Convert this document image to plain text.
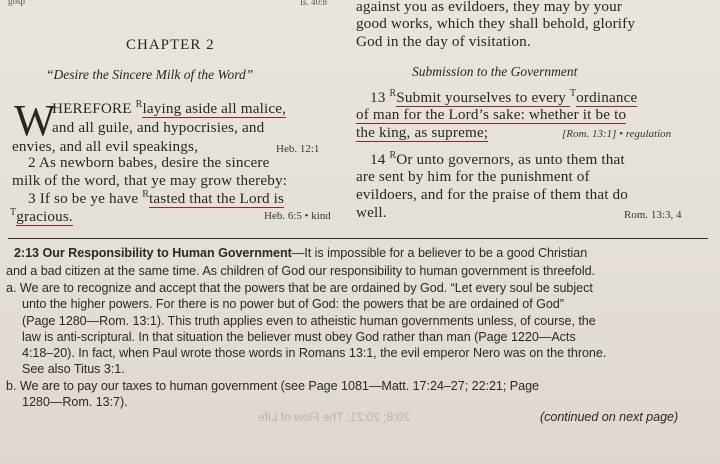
gosp	Is. 40:8
CHAPTER 2
“Desire the Sincere Milk of the Word”
W
HEREFORE $^R$laying aside all malice,
and all guile, and hypocrisies, and
envies, and all evil speakings,	Heb. 12:1
2 As newborn babes, desire the sincere
milk of the word, that ye may grow thereby:
3 If so be ye have $^R$tasted that the Lord is
$^T$gracious.	Heb. 6:5 • kind
against you as evildoers, they may by your
good works, which they shall behold, glorify
God in the day of visitation.
Submission to the Government
13 $^R$Submit yourselves to every $^T$ordinance
of man for the Lord’s sake: whether it be to
the king, as supreme;	[Rom. 13:1] • regulation
14 $^R$Or unto governors, as unto them that
are sent by him for the punishment of
evildoers, and for the praise of them that do
well.	Rom. 13:3, 4
2:13 Our Responsibility to Human Government—It is impossible for a believer to be a good Christian
and a bad citizen at the same time. As children of God our responsibility to human government is threefold.
a. We are to recognize and accept that the powers that be are ordained by God. “Let every soul be subject
unto the higher powers. For there is no power but of God: the powers that be are ordained of God”
(Page 1280—Rom. 13:1). This truth applies even to atheistic human governments unless, of course, the
law is anti-scriptural. In that situation the believer must obey God rather than man (Page 1220—Acts
4:18–20). In fact, when Paul wrote those words in Romans 13:1, the evil emperor Nero was on the throne.
See also Titus 3:1.
b. We are to pay our taxes to human government (see Page 1081—Matt. 17:24–27; 22:21; Page
1280—Rom. 13:7).
(continued on next page)
20:8; 20:21; The Flow of Life
